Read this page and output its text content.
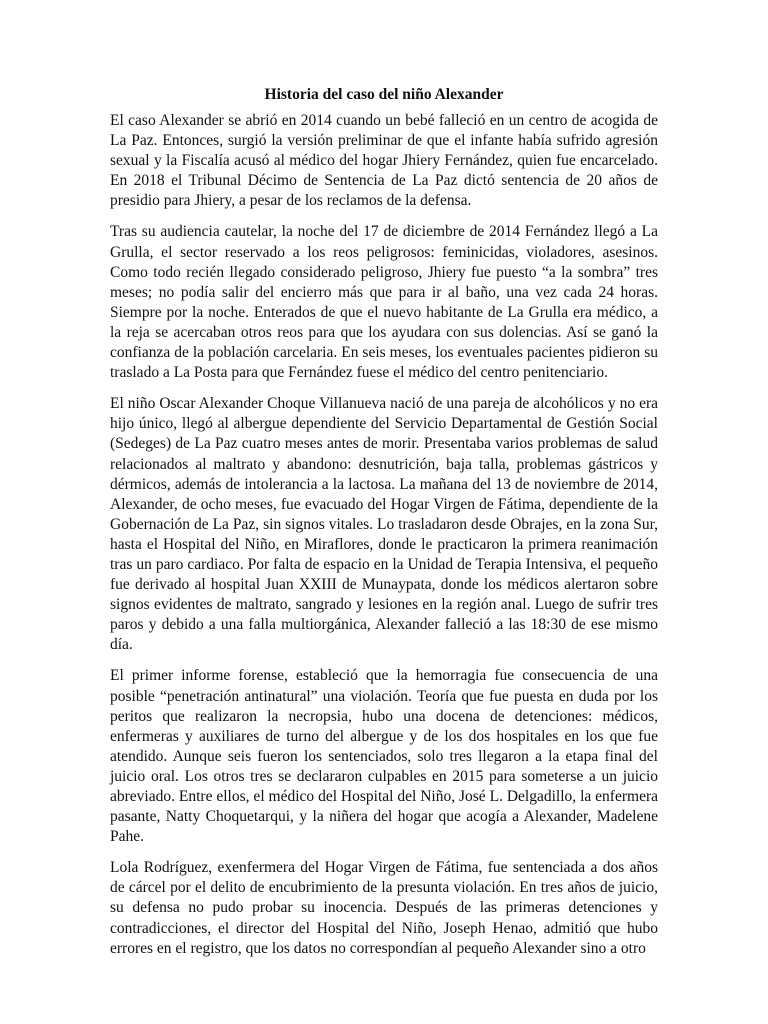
Historia del caso del niño Alexander

El caso Alexander se abrió en 2014 cuando un bebé falleció en un centro de acogida de La Paz. Entonces, surgió la versión preliminar de que el infante había sufrido agresión sexual y la Fiscalía acusó al médico del hogar Jhiery Fernández, quien fue encarcelado. En 2018 el Tribunal Décimo de Sentencia de La Paz dictó sentencia de 20 años de presidio para Jhiery, a pesar de los reclamos de la defensa.

Tras su audiencia cautelar, la noche del 17 de diciembre de 2014 Fernández llegó a La Grulla, el sector reservado a los reos peligrosos: feminicidas, violadores, asesinos. Como todo recién llegado considerado peligroso, Jhiery fue puesto “a la sombra” tres meses; no podía salir del encierro más que para ir al baño, una vez cada 24 horas. Siempre por la noche. Enterados de que el nuevo habitante de La Grulla era médico, a la reja se acercaban otros reos para que los ayudara con sus dolencias. Así se ganó la confianza de la población carcelaria. En seis meses, los eventuales pacientes pidieron su traslado a La Posta para que Fernández fuese el médico del centro penitenciario.

El niño Oscar Alexander Choque Villanueva nació de una pareja de alcohólicos y no era hijo único, llegó al albergue dependiente del Servicio Departamental de Gestión Social (Sedeges) de La Paz cuatro meses antes de morir. Presentaba varios problemas de salud relacionados al maltrato y abandono: desnutrición, baja talla, problemas gástricos y dérmicos, además de intolerancia a la lactosa. La mañana del 13 de noviembre de 2014, Alexander, de ocho meses, fue evacuado del Hogar Virgen de Fátima, dependiente de la Gobernación de La Paz, sin signos vitales. Lo trasladaron desde Obrajes, en la zona Sur, hasta el Hospital del Niño, en Miraflores, donde le practicaron la primera reanimación tras un paro cardiaco. Por falta de espacio en la Unidad de Terapia Intensiva, el pequeño fue derivado al hospital Juan XXIII de Munaypata, donde los médicos alertaron sobre signos evidentes de maltrato, sangrado y lesiones en la región anal. Luego de sufrir tres paros y debido a una falla multiorgánica, Alexander falleció a las 18:30 de ese mismo día.

El primer informe forense, estableció que la hemorragia fue consecuencia de una posible “penetración antinatural” una violación. Teoría que fue puesta en duda por los peritos que realizaron la necropsia, hubo una docena de detenciones: médicos, enfermeras y auxiliares de turno del albergue y de los dos hospitales en los que fue atendido. Aunque seis fueron los sentenciados, solo tres llegaron a la etapa final del juicio oral. Los otros tres se declararon culpables en 2015 para someterse a un juicio abreviado. Entre ellos, el médico del Hospital del Niño, José L. Delgadillo, la enfermera pasante, Natty Choquetarqui, y la niñera del hogar que acogía a Alexander, Madelene Pahe.

Lola Rodríguez, exenfermera del Hogar Virgen de Fátima, fue sentenciada a dos años de cárcel por el delito de encubrimiento de la presunta violación. En tres años de juicio, su defensa no pudo probar su inocencia. Después de las primeras detenciones y contradicciones, el director del Hospital del Niño, Joseph Henao, admitió que hubo errores en el registro, que los datos no correspondían al pequeño Alexander sino a otro
